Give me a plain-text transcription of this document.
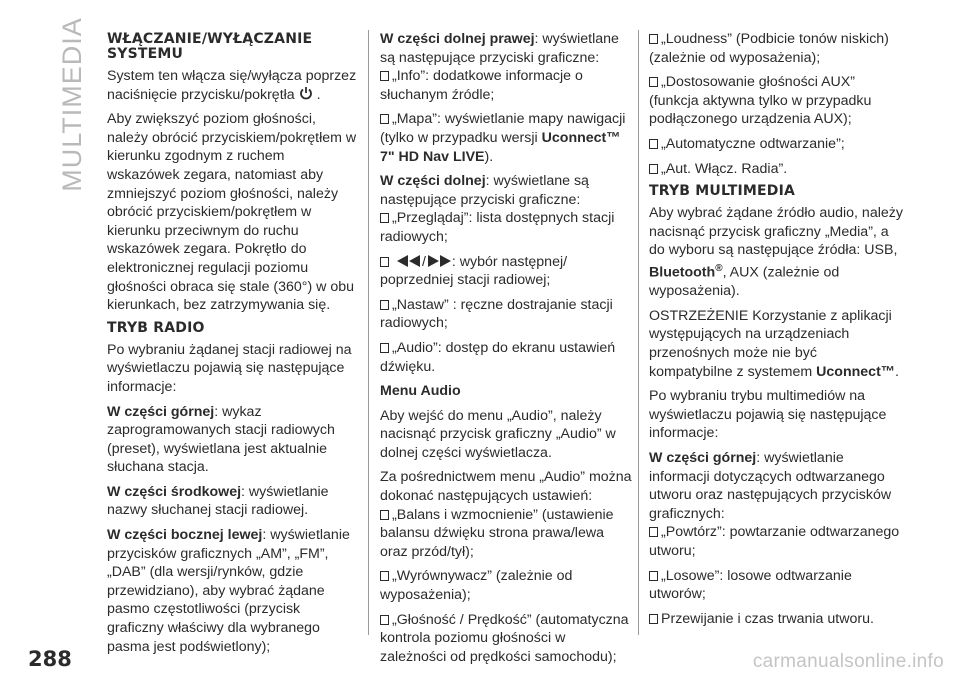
MULTIMEDIA WŁĄCZANIE/WYŁĄCZANIE SYSTEMU

System ten włącza się/wyłącza poprzez naciśnięcie przycisku/pokrętła .

Aby zwiększyć poziom głośności, należy obrócić przyciskiem/pokrętłem w kierunku zgodnym z ruchem wskazówek zegara, natomiast aby zmniejszyć poziom głośności, należy obrócić przyciskiem/pokrętłem w kierunku przeciwnym do ruchu wskazówek zegara. Pokrętło do elektronicznej regulacji poziomu głośności obraca się stale (360°) w obu kierunkach, bez zatrzymywania się.

TRYB RADIO

Po wybraniu żądanej stacji radiowej na wyświetlaczu pojawią się następujące informacje:

W części górnej: wykaz zaprogramowanych stacji radiowych (preset), wyświetlana jest aktualnie słuchana stacja.

W części środkowej: wyświetlanie nazwy słuchanej stacji radiowej.

W części bocznej lewej: wyświetlanie przycisków graficznych „AM”, „FM”, „DAB” (dla wersji/rynków, gdzie przewidziano), aby wybrać żądane pasmo częstotliwości (przycisk graficzny właściwy dla wybranego pasma jest podświetlony);

W części dolnej prawej: wyświetlane są następujące przyciski graficzne:

„Info”: dodatkowe informacje o słuchanym źródle;

„Mapa”: wyświetlanie mapy nawigacji (tylko w przypadku wersji Uconnect™ 7" HD Nav LIVE).

W części dolnej: wyświetlane są następujące przyciski graficzne:

„Przeglądaj”: lista dostępnych stacji radiowych;

/ : wybór następnej/ poprzedniej stacji radiowej;

„Nastaw” : ręczne dostrajanie stacji radiowych;

„Audio”: dostęp do ekranu ustawień dźwięku.

Menu Audio

Aby wejść do menu „Audio”, należy nacisnąć przycisk graficzny „Audio” w dolnej części wyświetlacza.

Za pośrednictwem menu „Audio” można dokonać następujących ustawień:

„Balans i wzmocnienie” (ustawienie balansu dźwięku strona prawa/lewa oraz przód/tył);

„Wyrównywacz” (zależnie od wyposażenia);

„Głośność / Prędkość” (automatyczna kontrola poziomu głośności w zależności od prędkości samochodu);

„Loudness” (Podbicie tonów niskich) (zależnie od wyposażenia);

„Dostosowanie głośności AUX” (funkcja aktywna tylko w przypadku podłączonego urządzenia AUX);

„Automatyczne odtwarzanie”;

„Aut. Włącz. Radia”.

TRYB MULTIMEDIA

Aby wybrać żądane źródło audio, należy nacisnąć przycisk graficzny „Media”, a do wyboru są następujące źródła: USB, Bluetooth®, AUX (zależnie od wyposażenia).

OSTRZEŻENIE Korzystanie z aplikacji występujących na urządzeniach przenośnych może nie być kompatybilne z systemem Uconnect™.

Po wybraniu trybu multimediów na wyświetlaczu pojawią się następujące informacje:

W części górnej: wyświetlanie informacji dotyczących odtwarzanego utworu oraz następujących przycisków graficznych:

„Powtórz”: powtarzanie odtwarzanego utworu;

„Losowe”: losowe odtwarzanie utworów;

Przewijanie i czas trwania utworu.

288	carmanualsonline.info
